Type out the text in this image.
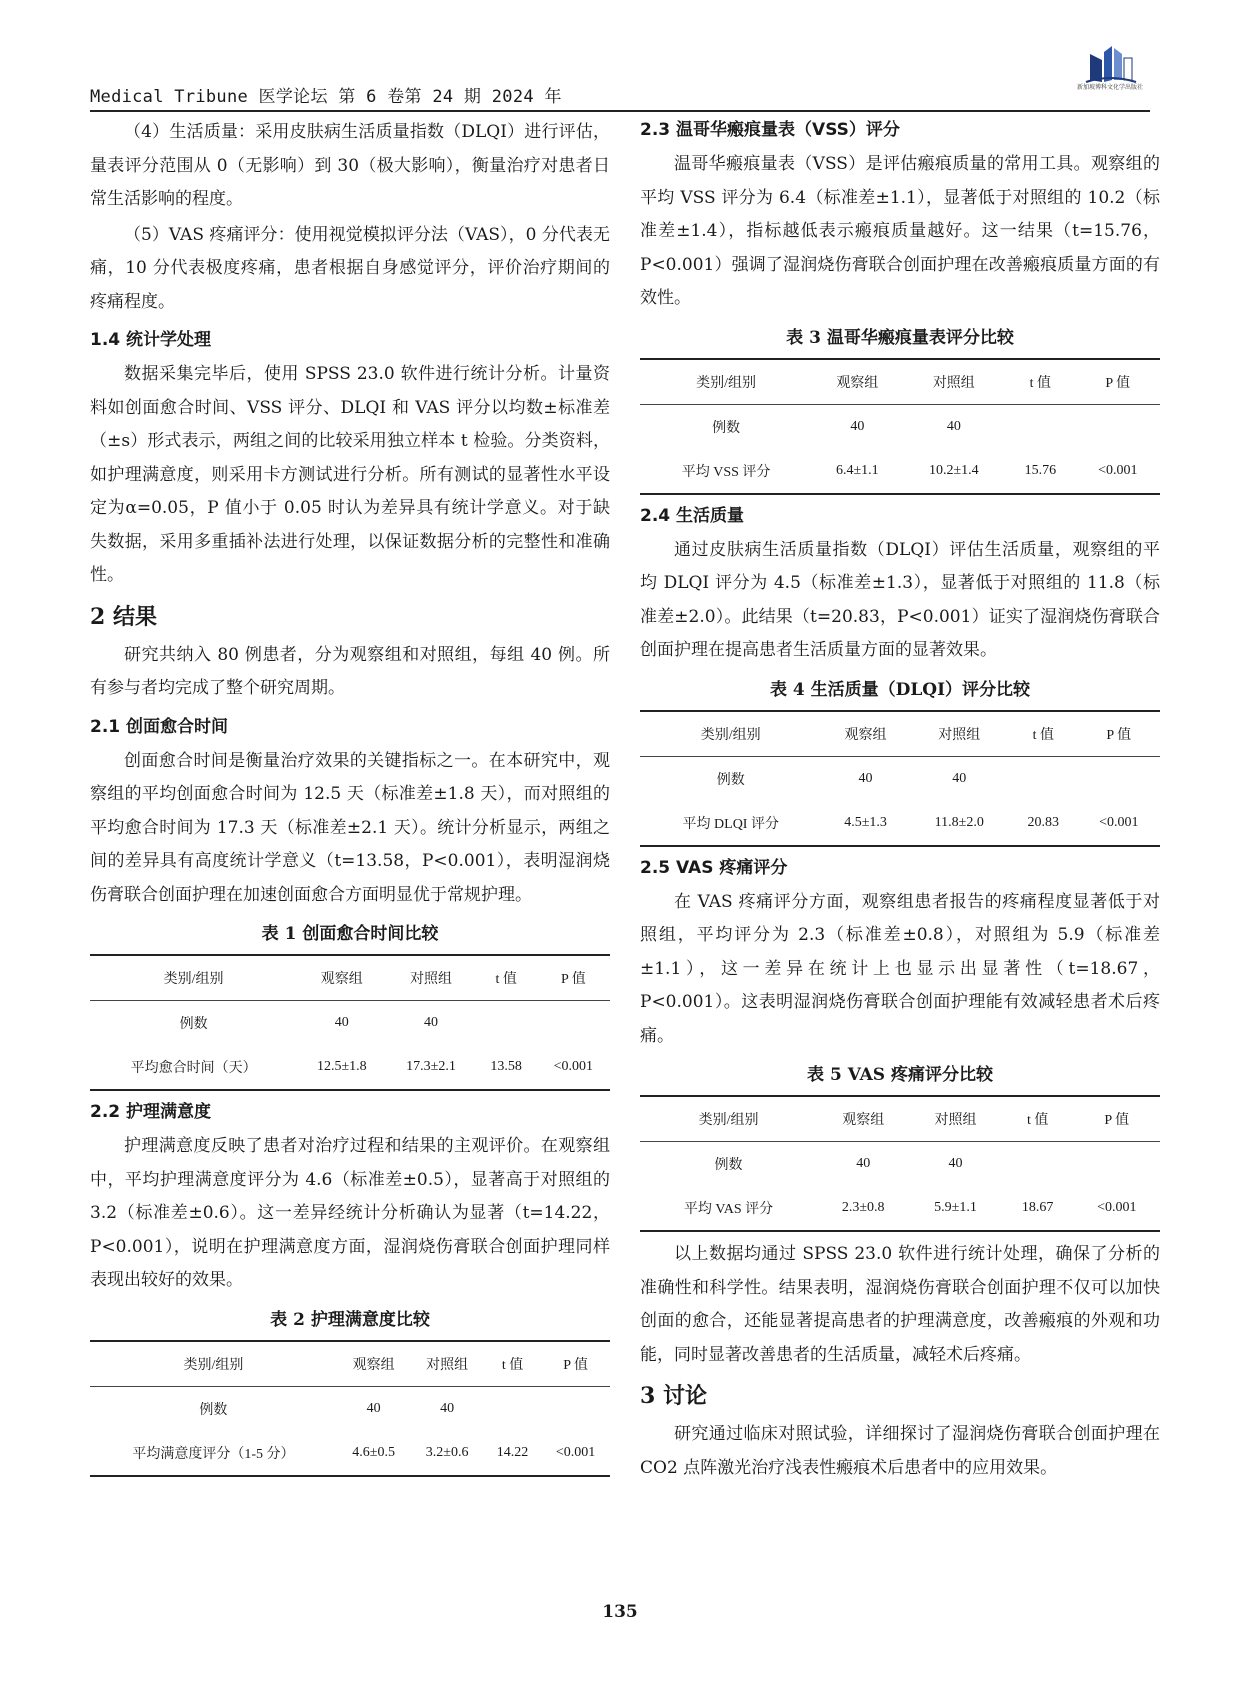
Medical Tribune 医学论坛 第 6 卷第 24 期 2024 年	新加坡博科文化学出版社

（4）生活质量：采用皮肤病生活质量指数（DLQI）进行评估，量表评分范围从 0（无影响）到 30（极大影响），衡量治疗对患者日常生活影响的程度。

（5）VAS 疼痛评分：使用视觉模拟评分法（VAS），0 分代表无痛，10 分代表极度疼痛，患者根据自身感觉评分，评价治疗期间的疼痛程度。

1.4 统计学处理

数据采集完毕后，使用 SPSS 23.0 软件进行统计分析。计量资料如创面愈合时间、VSS 评分、DLQI 和 VAS 评分以均数±标准差（±s）形式表示，两组之间的比较采用独立样本 t 检验。分类资料，如护理满意度，则采用卡方测试进行分析。所有测试的显著性水平设定为α=0.05，P 值小于 0.05 时认为差异具有统计学意义。对于缺失数据，采用多重插补法进行处理，以保证数据分析的完整性和准确性。

2 结果

研究共纳入 80 例患者，分为观察组和对照组，每组 40 例。所有参与者均完成了整个研究周期。

2.1 创面愈合时间

创面愈合时间是衡量治疗效果的关键指标之一。在本研究中，观察组的平均创面愈合时间为 12.5 天（标准差±1.8 天），而对照组的平均愈合时间为 17.3 天（标准差±2.1 天）。统计分析显示，两组之间的差异具有高度统计学意义（t=13.58，P<0.001），表明湿润烧伤膏联合创面护理在加速创面愈合方面明显优于常规护理。

表 1 创面愈合时间比较
类别/组别	观察组	对照组	t 值	P 值
例数	40	40		
平均愈合时间（天）	12.5±1.8	17.3±2.1	13.58	<0.001
2.2 护理满意度

护理满意度反映了患者对治疗过程和结果的主观评价。在观察组中，平均护理满意度评分为 4.6（标准差±0.5），显著高于对照组的 3.2（标准差±0.6）。这一差异经统计分析确认为显著（t=14.22，P<0.001），说明在护理满意度方面，湿润烧伤膏联合创面护理同样表现出较好的效果。

表 2 护理满意度比较
类别/组别	观察组	对照组	t 值	P 值
例数	40	40		
平均满意度评分（1-5 分）	4.6±0.5	3.2±0.6	14.22	<0.001
2.3 温哥华瘢痕量表（VSS）评分

温哥华瘢痕量表（VSS）是评估瘢痕质量的常用工具。观察组的平均 VSS 评分为 6.4（标准差±1.1），显著低于对照组的 10.2（标准差±1.4），指标越低表示瘢痕质量越好。这一结果（t=15.76，P<0.001）强调了湿润烧伤膏联合创面护理在改善瘢痕质量方面的有效性。

表 3 温哥华瘢痕量表评分比较
类别/组别	观察组	对照组	t 值	P 值
例数	40	40		
平均 VSS 评分	6.4±1.1	10.2±1.4	15.76	<0.001
2.4 生活质量

通过皮肤病生活质量指数（DLQI）评估生活质量，观察组的平均 DLQI 评分为 4.5（标准差±1.3），显著低于对照组的 11.8（标准差±2.0）。此结果（t=20.83，P<0.001）证实了湿润烧伤膏联合创面护理在提高患者生活质量方面的显著效果。

表 4 生活质量（DLQI）评分比较
类别/组别	观察组	对照组	t 值	P 值
例数	40	40		
平均 DLQI 评分	4.5±1.3	11.8±2.0	20.83	<0.001
2.5 VAS 疼痛评分

在 VAS 疼痛评分方面，观察组患者报告的疼痛程度显著低于对照组，平均评分为 2.3（标准差±0.8），对照组为 5.9（标准差±1.1），这一差异在统计上也显示出显著性（t=18.67，P<0.001）。这表明湿润烧伤膏联合创面护理能有效减轻患者术后疼痛。

表 5 VAS 疼痛评分比较
类别/组别	观察组	对照组	t 值	P 值
例数	40	40		
平均 VAS 评分	2.3±0.8	5.9±1.1	18.67	<0.001

以上数据均通过 SPSS 23.0 软件进行统计处理，确保了分析的准确性和科学性。结果表明，湿润烧伤膏联合创面护理不仅可以加快创面的愈合，还能显著提高患者的护理满意度，改善瘢痕的外观和功能，同时显著改善患者的生活质量，减轻术后疼痛。

3 讨论

研究通过临床对照试验，详细探讨了湿润烧伤膏联合创面护理在 CO2 点阵激光治疗浅表性瘢痕术后患者中的应用效果。

135
